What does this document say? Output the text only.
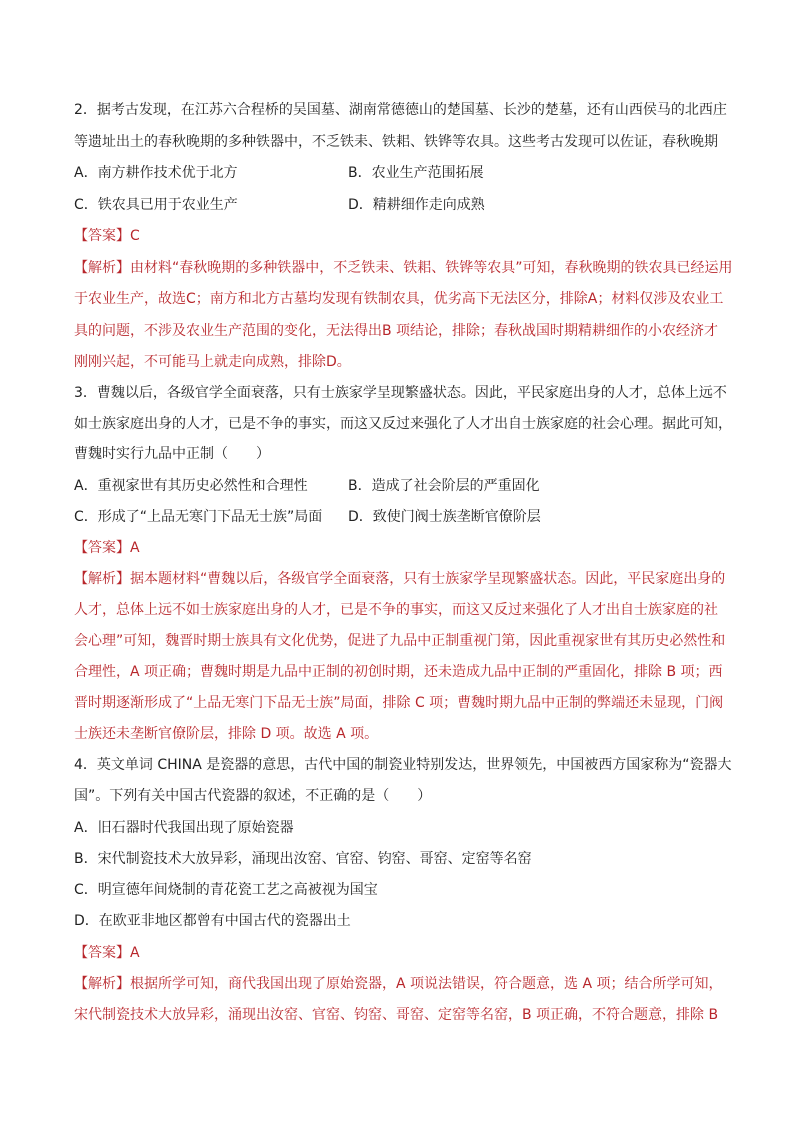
2．据考古发现，在江苏六合程桥的吴国墓、湖南常德德山的楚国墓、长沙的楚墓，还有山西侯马的北西庄
等遗址出土的春秋晚期的多种铁器中，不乏铁耒、铁耜、铁铧等农具。这些考古发现可以佐证，春秋晚期
A．南方耕作技术优于北方	B．农业生产范围拓展
C．铁农具已用于农业生产	D．精耕细作走向成熟
【答案】C
【解析】由材料“春秋晚期的多种铁器中，不乏铁耒、铁耜、铁铧等农具”可知，春秋晚期的铁农具已经运用
于农业生产，故选C；南方和北方古墓均发现有铁制农具，优劣高下无法区分，排除A；材料仅涉及农业工
具的问题，不涉及农业生产范围的变化，无法得出B 项结论，排除；春秋战国时期精耕细作的小农经济才
刚刚兴起，不可能马上就走向成熟，排除D。
3．曹魏以后，各级官学全面衰落，只有士族家学呈现繁盛状态。因此，平民家庭出身的人才，总体上远不
如士族家庭出身的人才，已是不争的事实，而这又反过来强化了人才出自士族家庭的社会心理。据此可知，
曹魏时实行九品中正制（　　）
A．重视家世有其历史必然性和合理性	B．造成了社会阶层的严重固化
C．形成了“上品无寒门下品无士族”局面 D．致使门阀士族垄断官僚阶层
【答案】A
【解析】据本题材料“曹魏以后，各级官学全面衰落，只有士族家学呈现繁盛状态。因此，平民家庭出身的
人才，总体上远不如士族家庭出身的人才，已是不争的事实，而这又反过来强化了人才出自士族家庭的社
会心理”可知，魏晋时期士族具有文化优势，促进了九品中正制重视门第，因此重视家世有其历史必然性和
合理性，A 项正确；曹魏时期是九品中正制的初创时期，还未造成九品中正制的严重固化，排除 B 项；西
晋时期逐渐形成了“上品无寒门下品无士族”局面，排除 C 项；曹魏时期九品中正制的弊端还未显现，门阀
士族还未垄断官僚阶层，排除 D 项。故选 A 项。
4．英文单词 CHINA 是瓷器的意思，古代中国的制瓷业特别发达，世界领先，中国被西方国家称为“瓷器大
国”。下列有关中国古代瓷器的叙述，不正确的是（　　）
A．旧石器时代我国出现了原始瓷器
B．宋代制瓷技术大放异彩，涌现出汝窑、官窑、钧窑、哥窑、定窑等名窑
C．明宣德年间烧制的青花瓷工艺之高被视为国宝
D．在欧亚非地区都曾有中国古代的瓷器出土
【答案】A
【解析】根据所学可知，商代我国出现了原始瓷器，A 项说法错误，符合题意，选 A 项；结合所学可知，
宋代制瓷技术大放异彩，涌现出汝窑、官窑、钧窑、哥窑、定窑等名窑，B 项正确，不符合题意，排除 B
